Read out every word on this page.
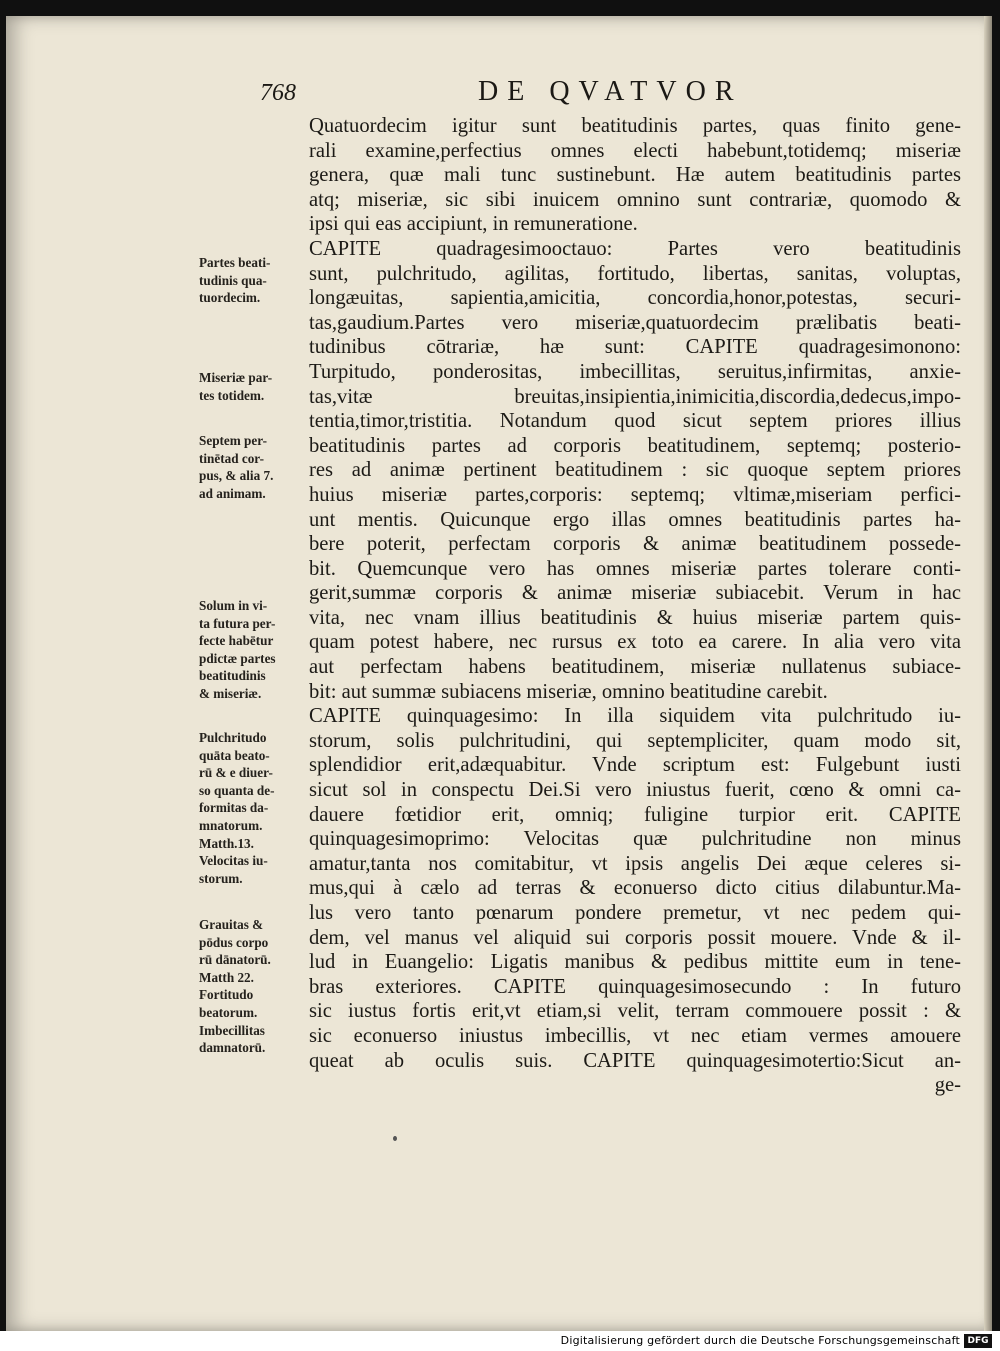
768	DE QVATVOR
Quatuordecim igitur sunt beatitudinis partes, quas finito gene-
rali examine,perfectius omnes electi habebunt,totidemq; miseriæ
genera, quæ mali tunc sustinebunt. Hæ autem beatitudinis partes
atq; miseriæ, sic sibi inuicem omnino sunt contrariæ, quomodo &
ipsi qui eas accipiunt, in remuneratione.
CAPITE quadragesimooctauo: Partes vero beatitudinis
sunt, pulchritudo, agilitas, fortitudo, libertas, sanitas, voluptas,
longæuitas, sapientia,amicitia, concordia,honor,potestas, securi-
tas,gaudium.Partes vero miseriæ,quatuordecim prælibatis beati-
tudinibus cōtrariæ, hæ sunt: CAPITE quadragesimonono:
Turpitudo, ponderositas, imbecillitas, seruitus,infirmitas, anxie-
tas,vitæ breuitas,insipientia,inimicitia,discordia,dedecus,impo-
tentia,timor,tristitia. Notandum quod sicut septem priores illius
beatitudinis partes ad corporis beatitudinem, septemq; posterio-
res ad animæ pertinent beatitudinem : sic quoque septem priores
huius miseriæ partes,corporis: septemq; vltimæ,miseriam perfici-
unt mentis. Quicunque ergo illas omnes beatitudinis partes ha-
bere poterit, perfectam corporis & animæ beatitudinem possede-
bit. Quemcunque vero has omnes miseriæ partes tolerare conti-
gerit,summæ corporis & animæ miseriæ subiacebit. Verum in hac
vita, nec vnam illius beatitudinis & huius miseriæ partem quis-
quam potest habere, nec rursus ex toto ea carere. In alia vero vita
aut perfectam habens beatitudinem, miseriæ nullatenus subiace-
bit: aut summæ subiacens miseriæ, omnino beatitudine carebit.
CAPITE quinquagesimo: In illa siquidem vita pulchritudo iu-
storum, solis pulchritudini, qui septempliciter, quam modo sit,
splendidior erit,adæquabitur. Vnde scriptum est: Fulgebunt iusti
sicut sol in conspectu Dei.Si vero iniustus fuerit, cœno & omni ca-
dauere fœtidior erit, omniq; fuligine turpior erit. CAPITE
quinquagesimoprimo: Velocitas quæ pulchritudine non minus
amatur,tanta nos comitabitur, vt ipsis angelis Dei æque celeres si-
mus,qui à cælo ad terras & econuerso dicto citius dilabuntur.Ma-
lus vero tanto pœnarum pondere premetur, vt nec pedem qui-
dem, vel manus vel aliquid sui corporis possit mouere. Vnde & il-
lud in Euangelio: Ligatis manibus & pedibus mittite eum in tene-
bras exteriores. CAPITE quinquagesimosecundo : In futuro
sic iustus fortis erit,vt etiam,si velit, terram commouere possit : &
sic econuerso iniustus imbecillis, vt nec etiam vermes amouere
queat ab oculis suis. CAPITE quinquagesimotertio:Sicut an-
ge-
Partes beati-
tudinis qua-
tuordecim.
Miseriæ par-
tes totidem.
Septem per-
tinētad cor-
pus, & alia 7.
ad animam.
Solum in vi-
ta futura per-
fecte habētur
pdictæ partes
beatitudinis
& miseriæ.
Pulchritudo
quāta beato-
rū & e diuer-
so quanta de-
formitas da-
mnatorum.
Matth.13.
Velocitas iu-
storum.
Grauitas &
pōdus corpo
rū dānatorū.
Matth 22.
Fortitudo
beatorum.
Imbecillitas
damnatorū.
Digitalisierung gefördert durch die Deutsche Forschungsgemeinschaft DFG
